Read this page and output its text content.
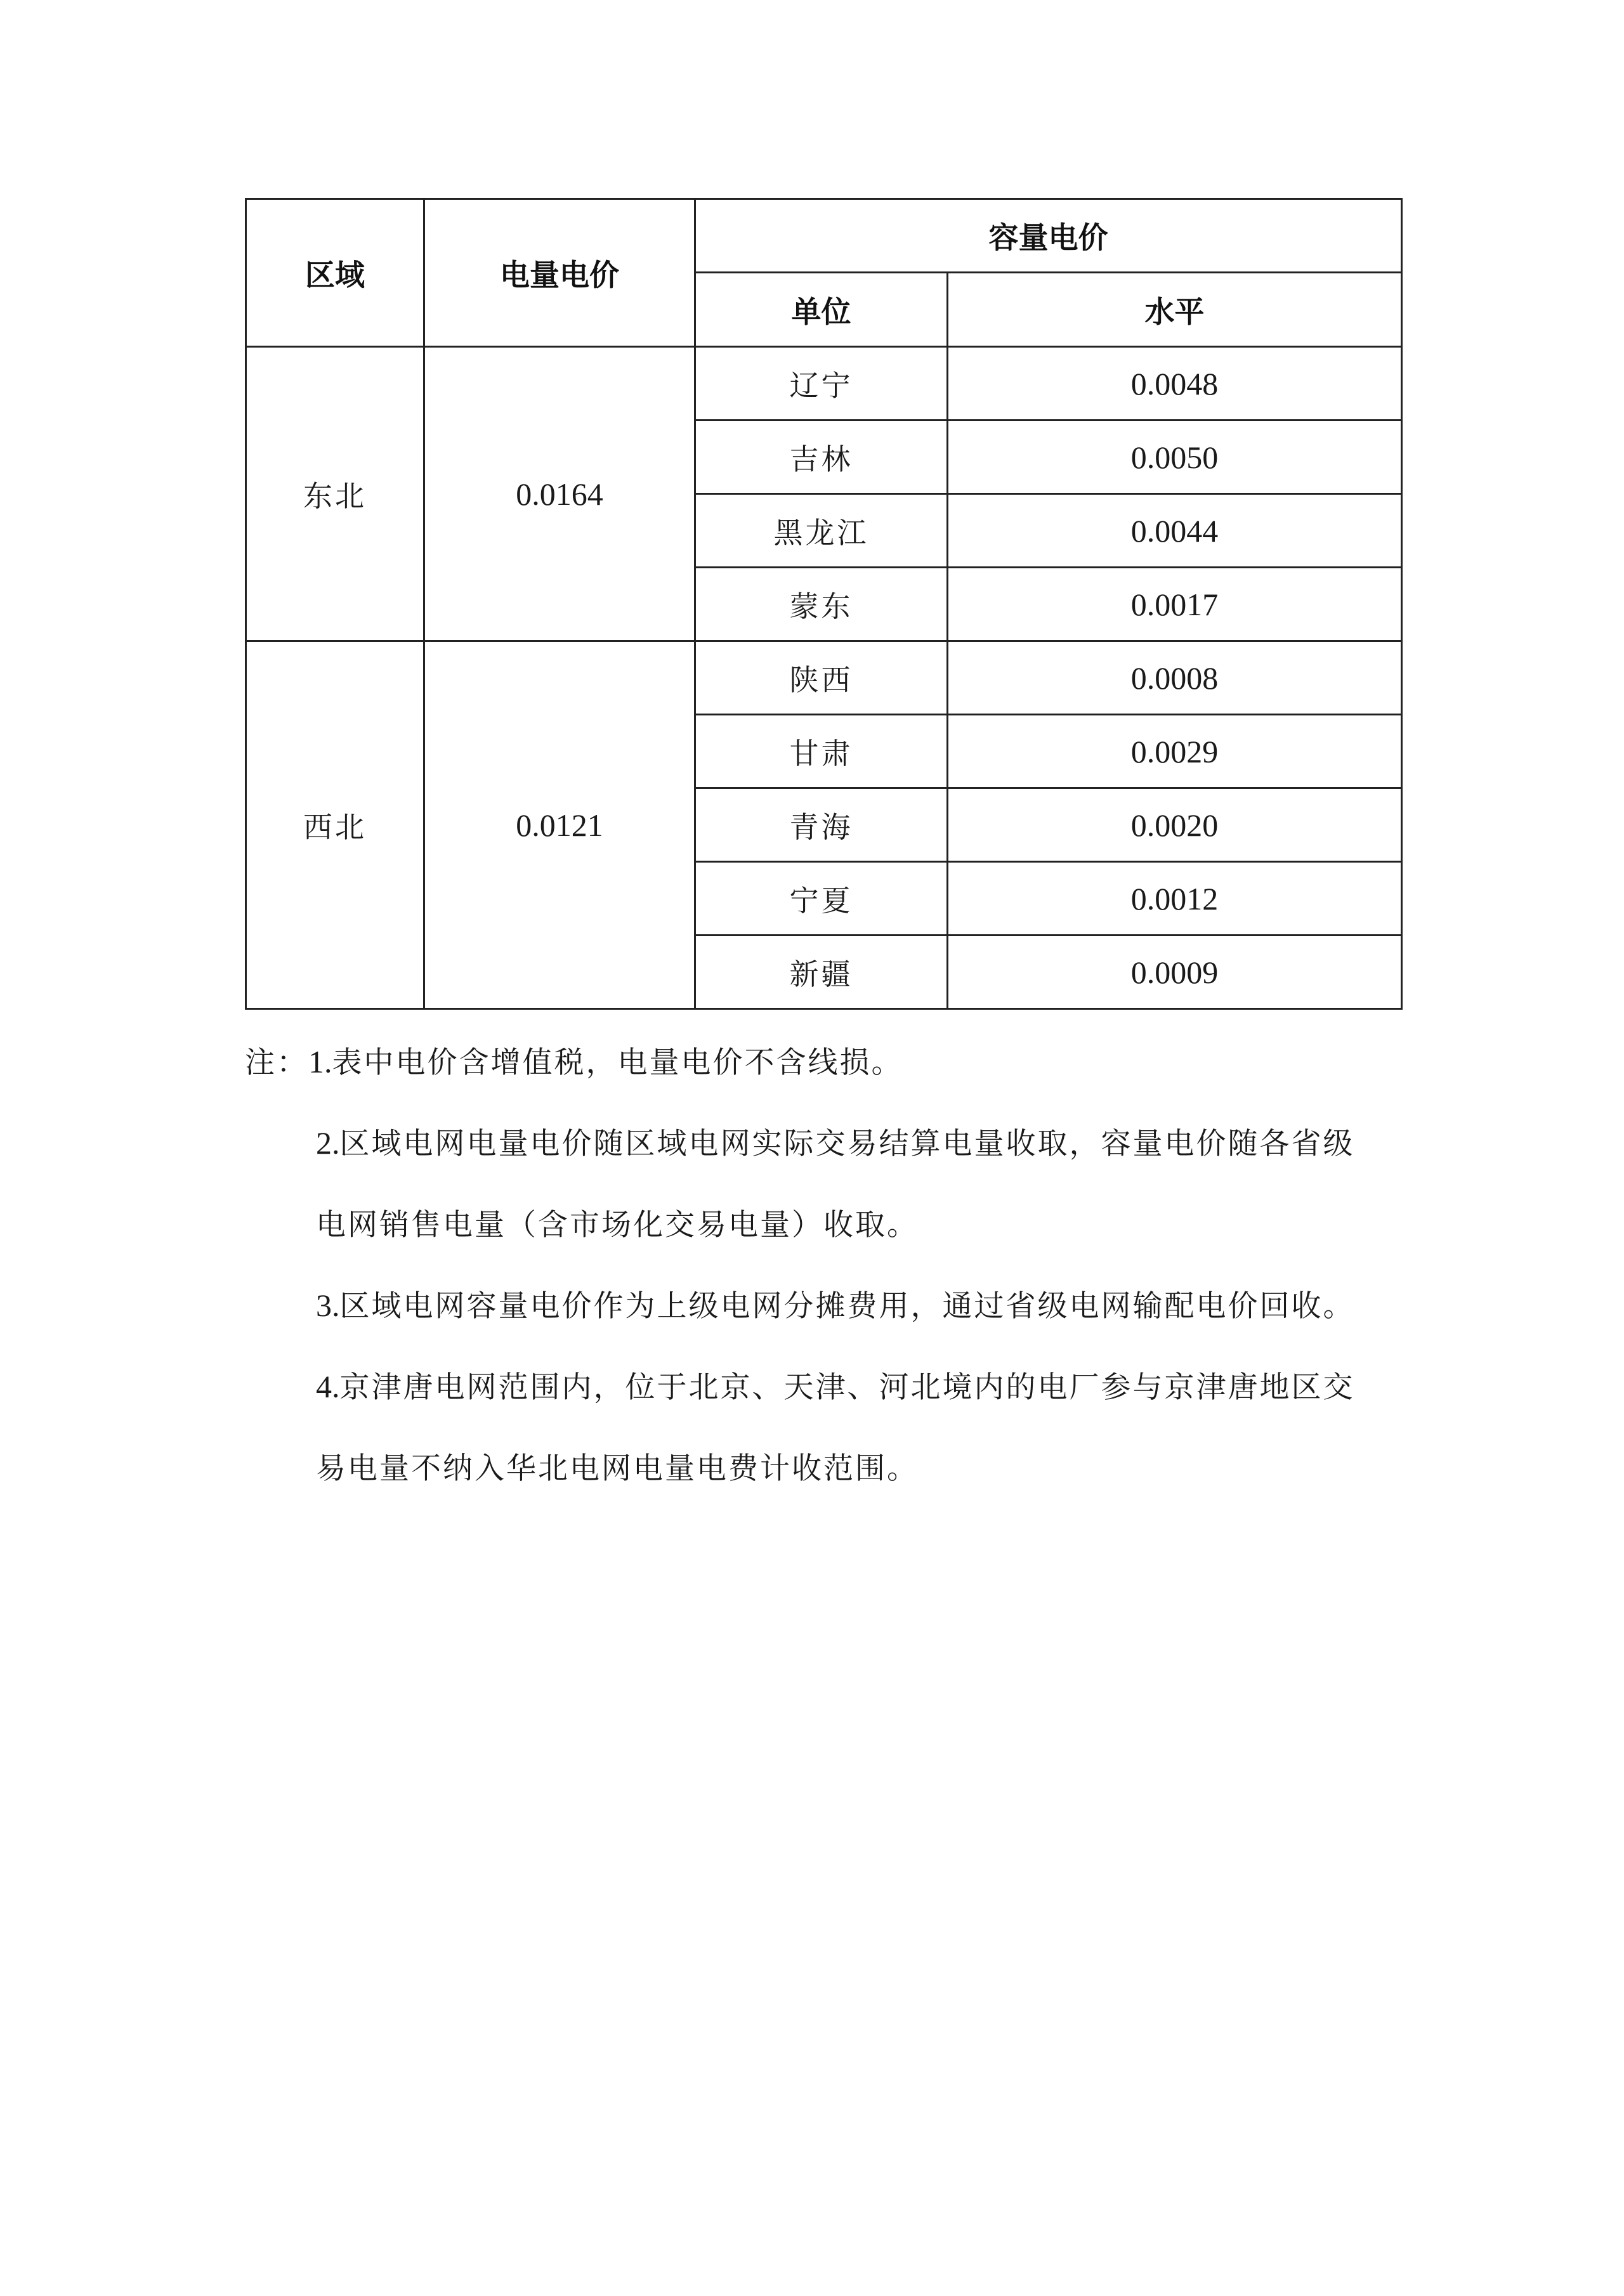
区域	电量电价	容量电价	
		单位	水平
东北	0.0164	辽宁	0.0048
		吉林	0.0050
		黑龙江	0.0044
		蒙东	0.0017
西北	0.0121	陕西	0.0008
		甘肃	0.0029
		青海	0.0020
		宁夏	0.0012
		新疆	0.0009
注：1.表中电价含增值税，电量电价不含线损。
2.区域电网电量电价随区域电网实际交易结算电量收取，容量电价随各省级
电网销售电量（含市场化交易电量）收取。
3.区域电网容量电价作为上级电网分摊费用，通过省级电网输配电价回收。
4.京津唐电网范围内，位于北京、天津、河北境内的电厂参与京津唐地区交
易电量不纳入华北电网电量电费计收范围。
